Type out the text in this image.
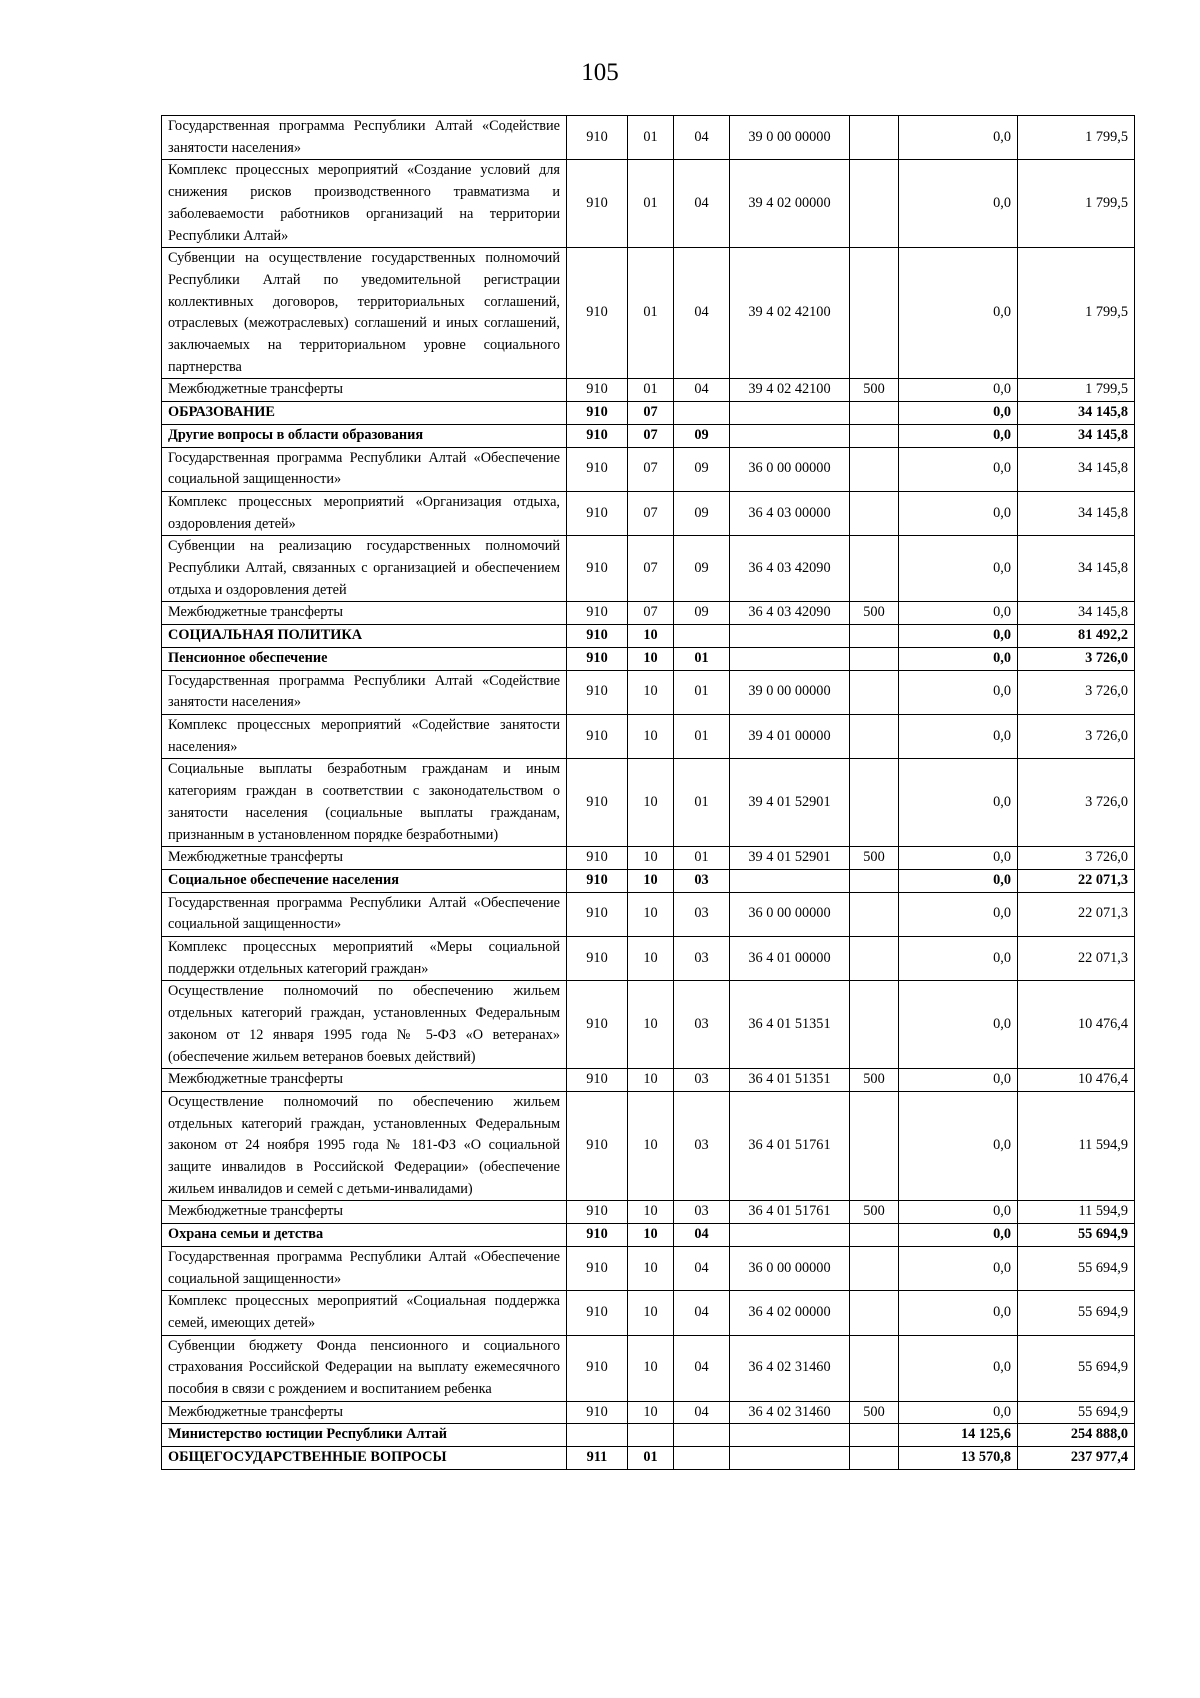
105
Государственная программа Республики Алтай «Содействие занятости населения»	910	01	04	39 0 00 00000		0,0	1 799,5
Комплекс процессных мероприятий «Создание условий для снижения рисков производственного травматизма и заболеваемости работников организаций на территории Республики Алтай»	910	01	04	39 4 02 00000		0,0	1 799,5
Субвенции на осуществление государственных полномочий Республики Алтай по уведомительной регистрации коллективных договоров, территориальных соглашений, отраслевых (межотраслевых) соглашений и иных соглашений, заключаемых на территориальном уровне социального партнерства	910	01	04	39 4 02 42100		0,0	1 799,5
Межбюджетные трансферты	910	01	04	39 4 02 42100	500	0,0	1 799,5
ОБРАЗОВАНИЕ	910	07				0,0	34 145,8
Другие вопросы в области образования	910	07	09			0,0	34 145,8
Государственная программа Республики Алтай «Обеспечение социальной защищенности»	910	07	09	36 0 00 00000		0,0	34 145,8
Комплекс процессных мероприятий «Организация отдыха, оздоровления детей»	910	07	09	36 4 03 00000		0,0	34 145,8
Субвенции на реализацию государственных полномочий Республики Алтай, связанных с организацией и обеспечением отдыха и оздоровления детей	910	07	09	36 4 03 42090		0,0	34 145,8
Межбюджетные трансферты	910	07	09	36 4 03 42090	500	0,0	34 145,8
СОЦИАЛЬНАЯ ПОЛИТИКА	910	10				0,0	81 492,2
Пенсионное обеспечение	910	10	01			0,0	3 726,0
Государственная программа Республики Алтай «Содействие занятости населения»	910	10	01	39 0 00 00000		0,0	3 726,0
Комплекс процессных мероприятий «Содействие занятости населения»	910	10	01	39 4 01 00000		0,0	3 726,0
Социальные выплаты безработным гражданам и иным категориям граждан в соответствии с законодательством о занятости населения (социальные выплаты гражданам, признанным в установленном порядке безработными)	910	10	01	39 4 01 52901		0,0	3 726,0
Межбюджетные трансферты	910	10	01	39 4 01 52901	500	0,0	3 726,0
Социальное обеспечение населения	910	10	03			0,0	22 071,3
Государственная программа Республики Алтай «Обеспечение социальной защищенности»	910	10	03	36 0 00 00000		0,0	22 071,3
Комплекс процессных мероприятий «Меры социальной поддержки отдельных категорий граждан»	910	10	03	36 4 01 00000		0,0	22 071,3
Осуществление полномочий по обеспечению жильем отдельных категорий граждан, установленных Федеральным законом от 12 января 1995 года № 5-ФЗ «О ветеранах» (обеспечение жильем ветеранов боевых действий)	910	10	03	36 4 01 51351		0,0	10 476,4
Межбюджетные трансферты	910	10	03	36 4 01 51351	500	0,0	10 476,4
Осуществление полномочий по обеспечению жильем отдельных категорий граждан, установленных Федеральным законом от 24 ноября 1995 года № 181-ФЗ «О социальной защите инвалидов в Российской Федерации» (обеспечение жильем инвалидов и семей с детьми-инвалидами)	910	10	03	36 4 01 51761		0,0	11 594,9
Межбюджетные трансферты	910	10	03	36 4 01 51761	500	0,0	11 594,9
Охрана семьи и детства	910	10	04			0,0	55 694,9
Государственная программа Республики Алтай «Обеспечение социальной защищенности»	910	10	04	36 0 00 00000		0,0	55 694,9
Комплекс процессных мероприятий «Социальная поддержка семей, имеющих детей»	910	10	04	36 4 02 00000		0,0	55 694,9
Субвенции бюджету Фонда пенсионного и социального страхования Российской Федерации на выплату ежемесячного пособия в связи с рождением и воспитанием ребенка	910	10	04	36 4 02 31460		0,0	55 694,9
Межбюджетные трансферты	910	10	04	36 4 02 31460	500	0,0	55 694,9
Министерство юстиции Республики Алтай						14 125,6	254 888,0
ОБЩЕГОСУДАРСТВЕННЫЕ ВОПРОСЫ	911	01				13 570,8	237 977,4
